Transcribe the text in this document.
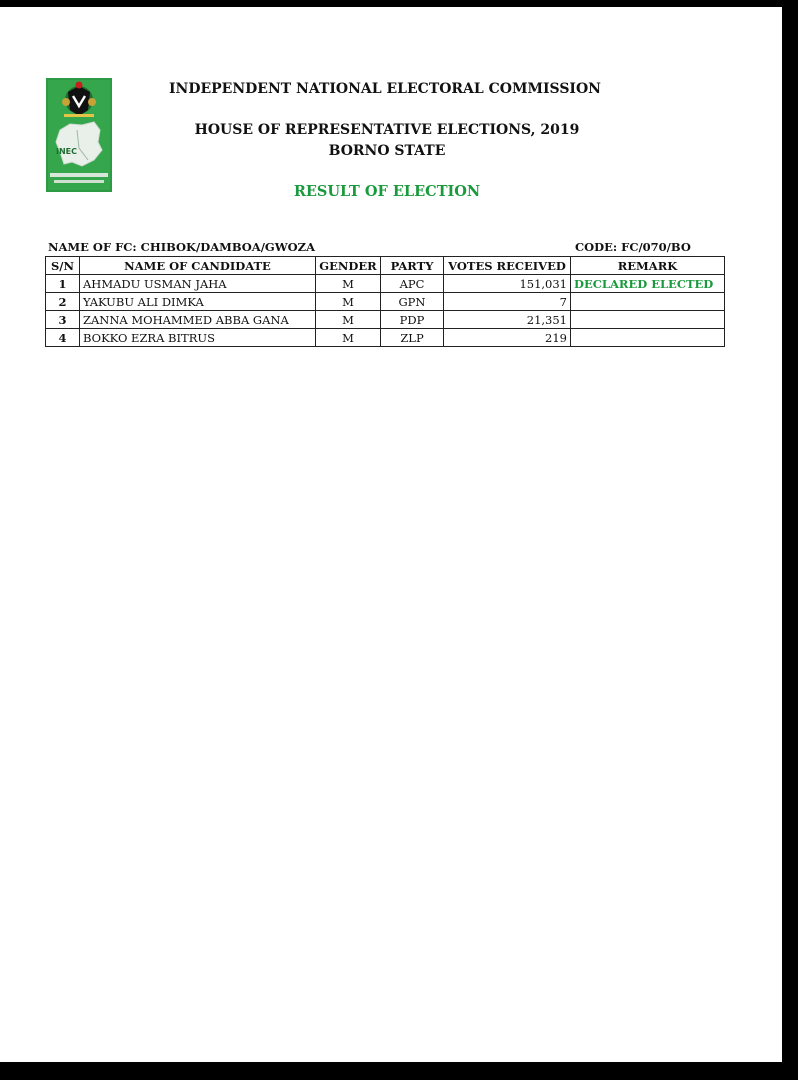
INEC
INDEPENDENT NATIONAL ELECTORAL COMMISSION
HOUSE OF REPRESENTATIVE ELECTIONS, 2019
BORNO STATE
RESULT OF ELECTION
NAME OF FC: CHIBOK/DAMBOA/GWOZA	CODE: FC/070/BO
S/N	NAME OF CANDIDATE	GENDER	PARTY	VOTES RECEIVED	REMARK
1	AHMADU USMAN JAHA	M	APC	151,031	DECLARED ELECTED
2	YAKUBU ALI DIMKA	M	GPN	7	
3	ZANNA MOHAMMED ABBA GANA	M	PDP	21,351	
4	BOKKO EZRA BITRUS	M	ZLP	219	
